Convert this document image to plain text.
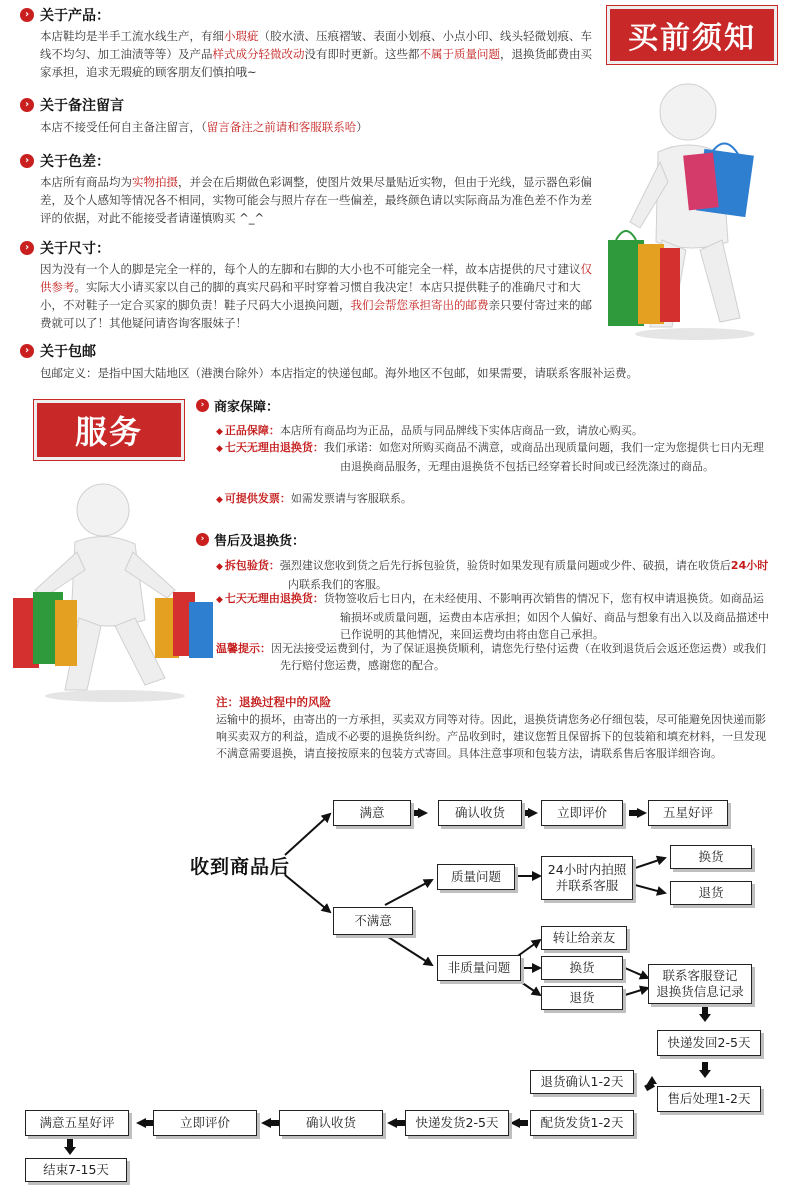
买前须知
› 关于产品：
本店鞋均是半手工流水线生产，有细小瑕疵（胶水渍、压痕褶皱、表面小划痕、小点小印、线头轻微划痕、车线不均匀、加工油渍等等）及产品样式成分轻微改动没有即时更新。这些都不属于质量问题，退换货邮费由买家承担，追求无瑕疵的顾客朋友们慎拍哦~
› 关于备注留言
本店不接受任何自主备注留言，（留言备注之前请和客服联系哈）
› 关于色差：
本店所有商品均为实物拍摄，并会在后期做色彩调整，使图片效果尽量贴近实物，但由于光线，显示器色彩偏差，及个人感知等情况各不相同，实物可能会与照片存在一些偏差，最终颜色请以实际商品为准色差不作为差评的依据，对此不能接受者请谨慎购买 ^_^
› 关于尺寸：
因为没有一个人的脚是完全一样的，每个人的左脚和右脚的大小也不可能完全一样，故本店提供的尺寸建议仅供参考。实际大小请买家以自己的脚的真实尺码和平时穿着习惯自我决定！本店只提供鞋子的准确尺寸和大小，不对鞋子一定合买家的脚负责！鞋子尺码大小退换问题，我们会帮您承担寄出的邮费亲只要付寄过来的邮费就可以了！其他疑问请咨询客服妹子！
› 关于包邮
包邮定义：是指中国大陆地区（港澳台除外）本店指定的快递包邮。海外地区不包邮，如果需要，请联系客服补运费。
服务
› 商家保障：
◆ 正品保障：本店所有商品均为正品，品质与同品牌线下实体店商品一致，请放心购买。
◆ 七天无理由退换货：我们承诺：如您对所购买商品不满意，或商品出现质量问题，我们一定为您提供七日内无理由退换商品服务，无理由退换货不包括已经穿着长时间或已经洗涤过的商品。
◆ 可提供发票：如需发票请与客服联系。
› 售后及退换货：
◆ 拆包验货：强烈建议您收到货之后先行拆包验货，验货时如果发现有质量问题或少件、破损，请在收货后24小时内联系我们的客服。
◆ 七天无理由退换货：货物签收后七日内，在未经使用、不影响再次销售的情况下，您有权申请退换货。如商品运输损坏或质量问题，运费由本店承担；如因个人偏好、商品与想象有出入以及商品描述中已作说明的其他情况，来回运费均由将由您自己承担。
温馨提示：因无法接受运费到付，为了保证退换货顺利，请您先行垫付运费（在收到退货后会返还您运费）或我们先行赔付您运费，感谢您的配合。
注：退换过程中的风险
运输中的损坏，由寄出的一方承担，买卖双方同等对待。因此，退换货请您务必仔细包装，尽可能避免因快递而影响买卖双方的利益，造成不必要的退换货纠纷。产品收到时，建议您暂且保留拆下的包装箱和填充材料，一旦发现不满意需要退换，请直接按原来的包装方式寄回。具体注意事项和包装方法，请联系售后客服详细咨询。
收到商品后
满意	确认收货	立即评价	五星好评
不满意
质量问题	24小时内拍照
并联系客服
换货
退货
非质量问题
转让给亲友
换货
退货
联系客服登记
退换货信息记录
快递发回2-5天
售后处理1-2天
退货确认1-2天
配货发货1-2天
快递发货2-5天
确认收货
立即评价
满意五星好评
结束7-15天
